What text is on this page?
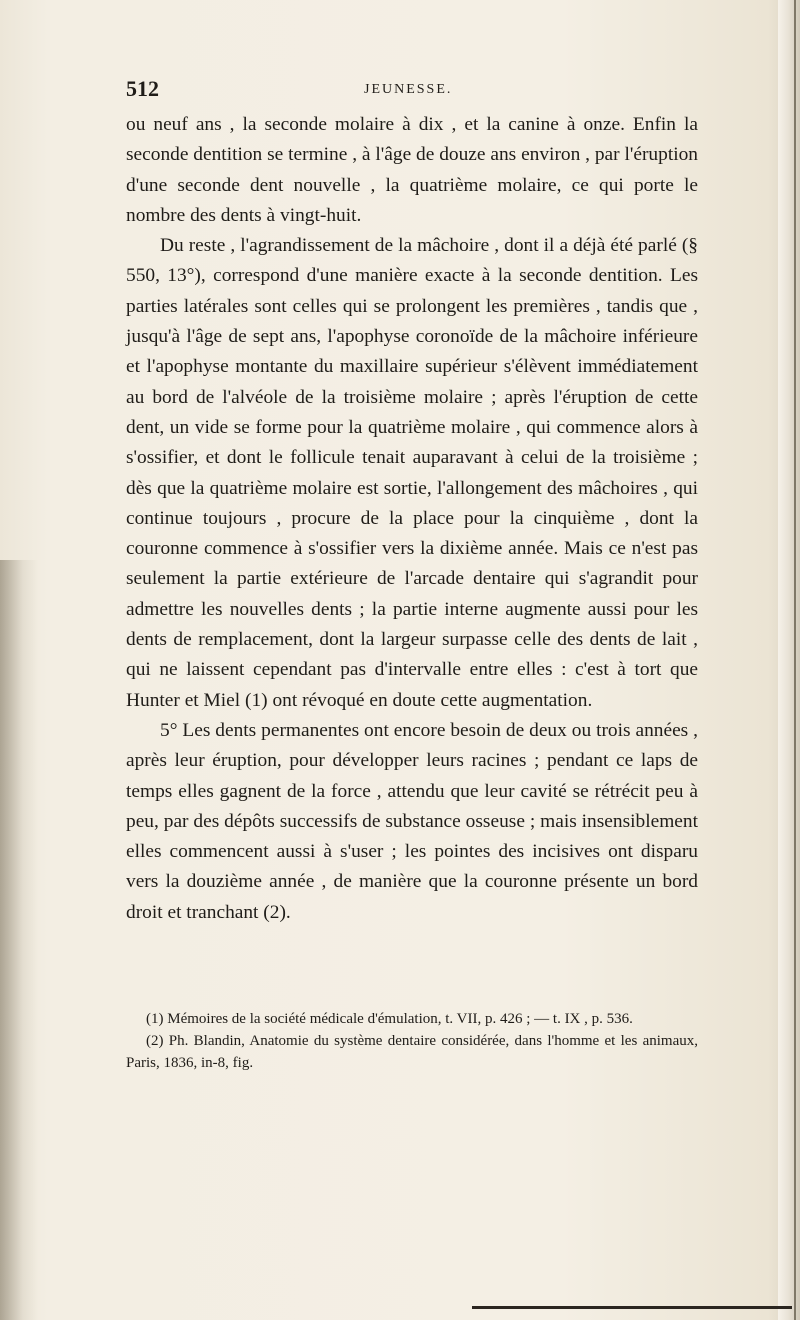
512	JEUNESSE.

ou neuf ans , la seconde molaire à dix , et la canine à onze. Enfin la seconde dentition se termine , à l'âge de douze ans environ , par l'éruption d'une seconde dent nouvelle , la quatrième molaire, ce qui porte le nombre des dents à vingt-huit.

Du reste , l'agrandissement de la mâchoire , dont il a déjà été parlé (§ 550, 13°), correspond d'une manière exacte à la seconde dentition. Les parties latérales sont celles qui se prolongent les premières , tandis que , jusqu'à l'âge de sept ans, l'apophyse coronoïde de la mâchoire inférieure et l'apophyse montante du maxillaire supérieur s'élèvent immédiatement au bord de l'alvéole de la troisième molaire ; après l'éruption de cette dent, un vide se forme pour la quatrième molaire , qui commence alors à s'ossifier, et dont le follicule tenait auparavant à celui de la troisième ; dès que la quatrième molaire est sortie, l'allongement des mâchoires , qui continue toujours , procure de la place pour la cinquième , dont la couronne commence à s'ossifier vers la dixième année. Mais ce n'est pas seulement la partie extérieure de l'arcade dentaire qui s'agrandit pour admettre les nouvelles dents ; la partie interne augmente aussi pour les dents de remplacement, dont la largeur surpasse celle des dents de lait , qui ne laissent cependant pas d'intervalle entre elles : c'est à tort que Hunter et Miel (1) ont révoqué en doute cette augmentation.

5° Les dents permanentes ont encore besoin de deux ou trois années , après leur éruption, pour développer leurs racines ; pendant ce laps de temps elles gagnent de la force , attendu que leur cavité se rétrécit peu à peu, par des dépôts successifs de substance osseuse ; mais insensiblement elles commencent aussi à s'user ; les pointes des incisives ont disparu vers la douzième année , de manière que la couronne présente un bord droit et tranchant (2).

(1) Mémoires de la société médicale d'émulation, t. VII, p. 426 ; — t. IX , p. 536.

(2) Ph. Blandin, Anatomie du système dentaire considérée, dans l'homme et les animaux, Paris, 1836, in-8, fig.
